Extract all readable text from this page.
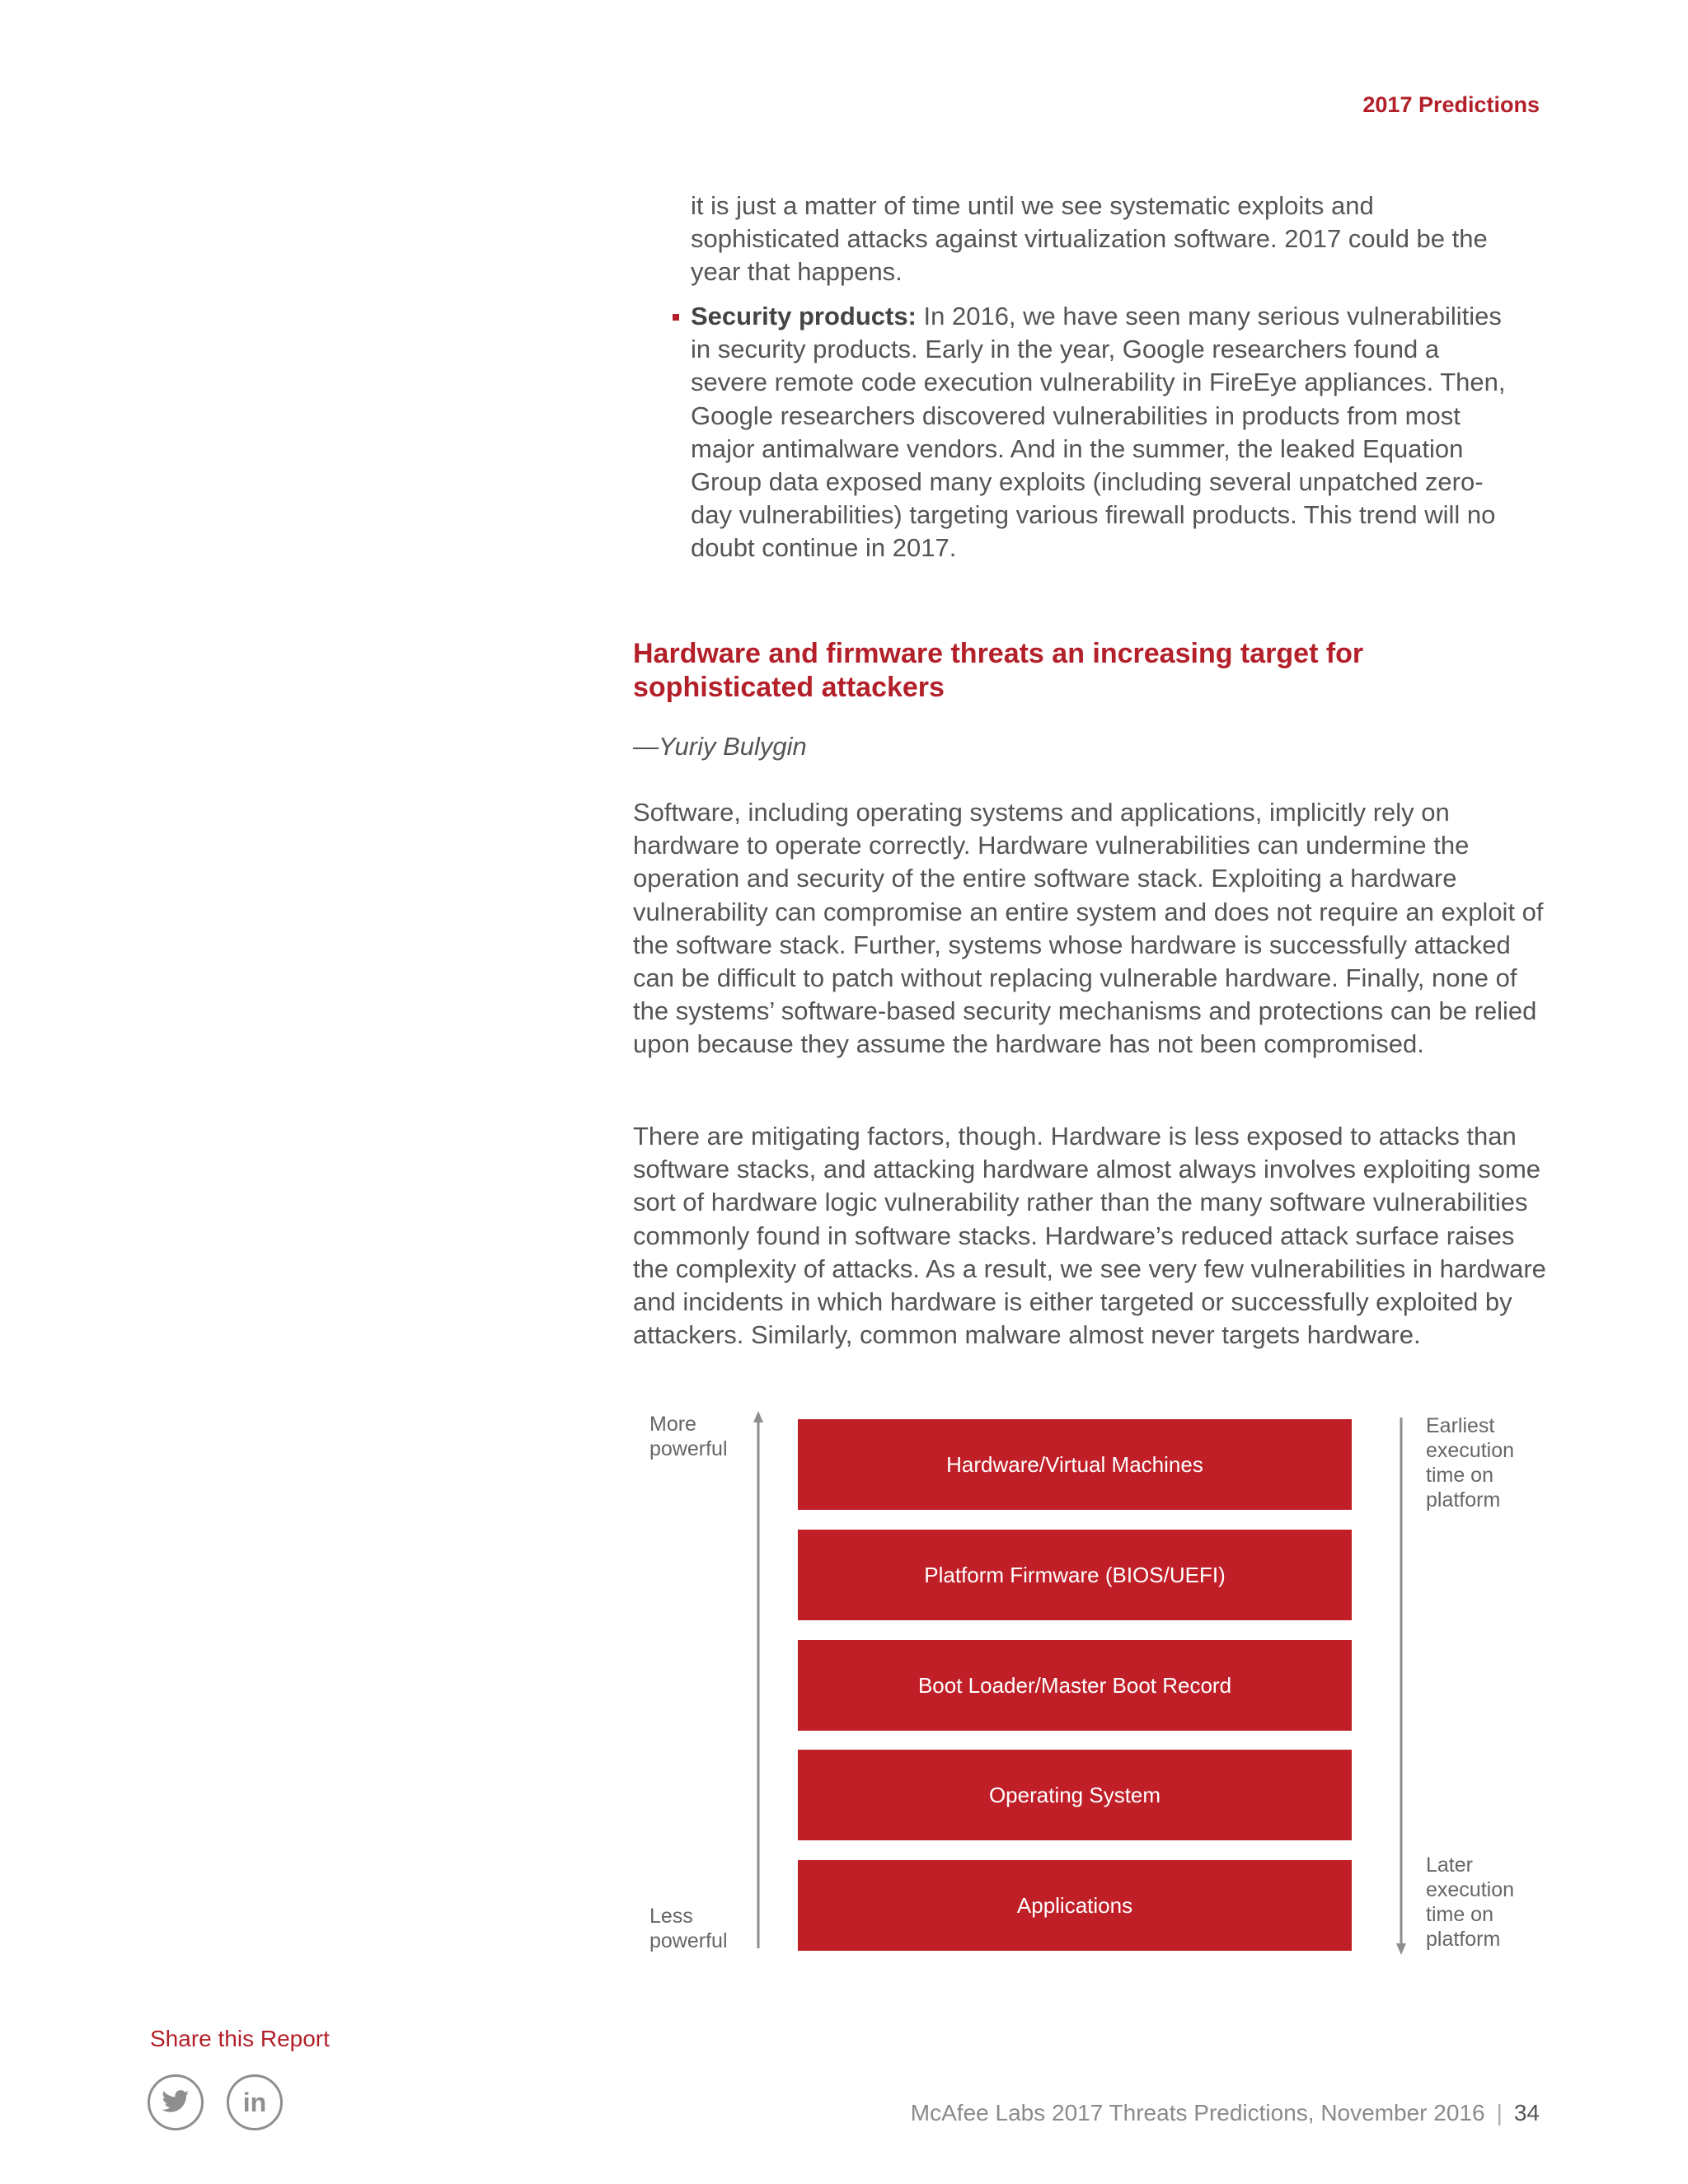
2017 Predictions

it is just a matter of time until we see systematic exploits and sophisticated attacks against virtualization software. 2017 could be the year that happens.

Security products: In 2016, we have seen many serious vulnerabilities in security products. Early in the year, Google researchers found a severe remote code execution vulnerability in FireEye appliances. Then, Google researchers discovered vulnerabilities in products from most major antimalware vendors. And in the summer, the leaked Equation Group data exposed many exploits (including several unpatched zero-day vulnerabilities) targeting various firewall products. This trend will no doubt continue in 2017.
Hardware and firmware threats an increasing target for sophisticated attackers
—Yuriy Bulygin

Software, including operating systems and applications, implicitly rely on hardware to operate correctly. Hardware vulnerabilities can undermine the operation and security of the entire software stack. Exploiting a hardware vulnerability can compromise an entire system and does not require an exploit of the software stack. Further, systems whose hardware is successfully attacked can be difficult to patch without replacing vulnerable hardware. Finally, none of the systems’ software-based security mechanisms and protections can be relied upon because they assume the hardware has not been compromised.

There are mitigating factors, though. Hardware is less exposed to attacks than software stacks, and attacking hardware almost always involves exploiting some sort of hardware logic vulnerability rather than the many software vulnerabilities commonly found in software stacks. Hardware’s reduced attack surface raises the complexity of attacks. As a result, we see very few vulnerabilities in hardware and incidents in which hardware is either targeted or successfully exploited by attackers. Similarly, common malware almost never targets hardware.

More powerful
Less powerful
Hardware/Virtual Machines
Platform Firmware (BIOS/UEFI)
Boot Loader/Master Boot Record
Operating System
Applications
Earliest execution time on platform
Later execution time on platform
Share this Report
in	McAfee Labs 2017 Threats Predictions, November 2016 | 34
